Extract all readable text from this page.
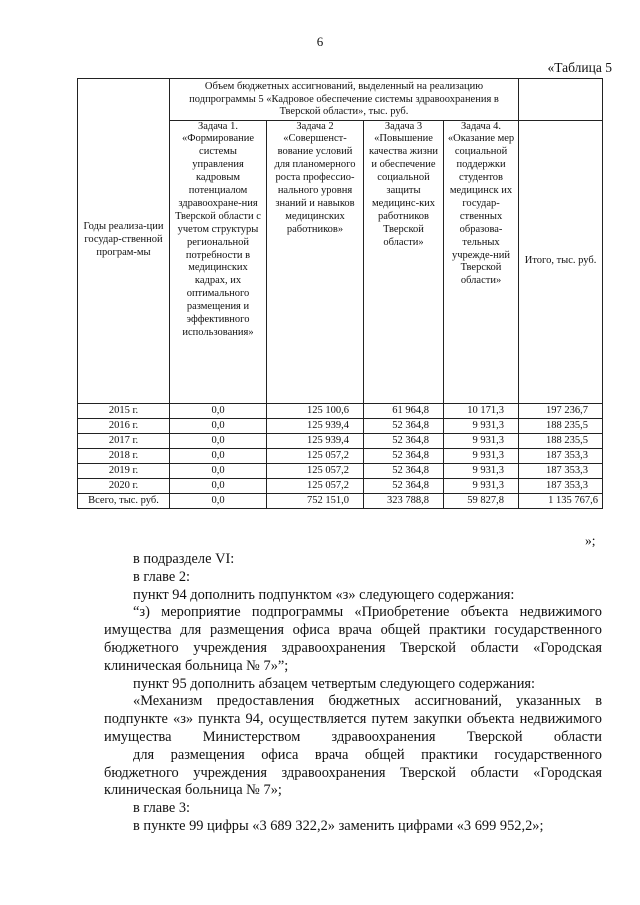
6
«Таблица 5
Годы реализа-ции государ-ственной програм-мы	Объем бюджетных ассигнований, выделенный на реализацию подпрограммы 5 «Кадровое обеспечение системы здравоохранения в Тверской области», тыс. руб.				
	Задача 1. «Формирование системы управления кадровым потенциалом здравоохране-ния Тверской области с учетом структуры региональной потребности в медицинских кадрах, их оптимального размещения и эффективного использования»	Задача 2 «Совершенст-вование условий для планомерного роста профессио-нального уровня знаний и навыков медицинских работников»	Задача 3 «Повышение качества жизни и обеспечение социальной защиты медицинс-ких работников Тверской области»	Задача 4. «Оказание мер социальной поддержки студентов медицинск их государ-ственных образова-тельных учрежде-ний Тверской области»	Итого, тыс. руб.
2015 г.	0,0	125 100,6	61 964,8	10 171,3	197 236,7
2016 г.	0,0	125 939,4	52 364,8	9 931,3	188 235,5
2017 г.	0,0	125 939,4	52 364,8	9 931,3	188 235,5
2018 г.	0,0	125 057,2	52 364,8	9 931,3	187 353,3
2019 г.	0,0	125 057,2	52 364,8	9 931,3	187 353,3
2020 г.	0,0	125 057,2	52 364,8	9 931,3	187 353,3
Всего, тыс. руб.	0,0	752 151,0	323 788,8	59 827,8	1 135 767,6
»;

в подразделе VI:

в главе 2:

пункт 94 дополнить подпунктом «з» следующего содержания:

“з) мероприятие подпрограммы «Приобретение объекта недвижимого имущества для размещения офиса врача общей практики государственного бюджетного учреждения здравоохранения Тверской области «Городская клиническая больница № 7»”;

пункт 95 дополнить абзацем четвертым следующего содержания:

«Механизм предоставления бюджетных ассигнований, указанных в подпункте «з» пункта 94, осуществляется путем закупки объекта недвижимого имущества Министерством здравоохранения Тверской области

для размещения офиса врача общей практики государственного бюджетного учреждения здравоохранения Тверской области «Городская клиническая больница № 7»;

в главе 3:

в пункте 99 цифры «3 689 322,2» заменить цифрами «3 699 952,2»;
